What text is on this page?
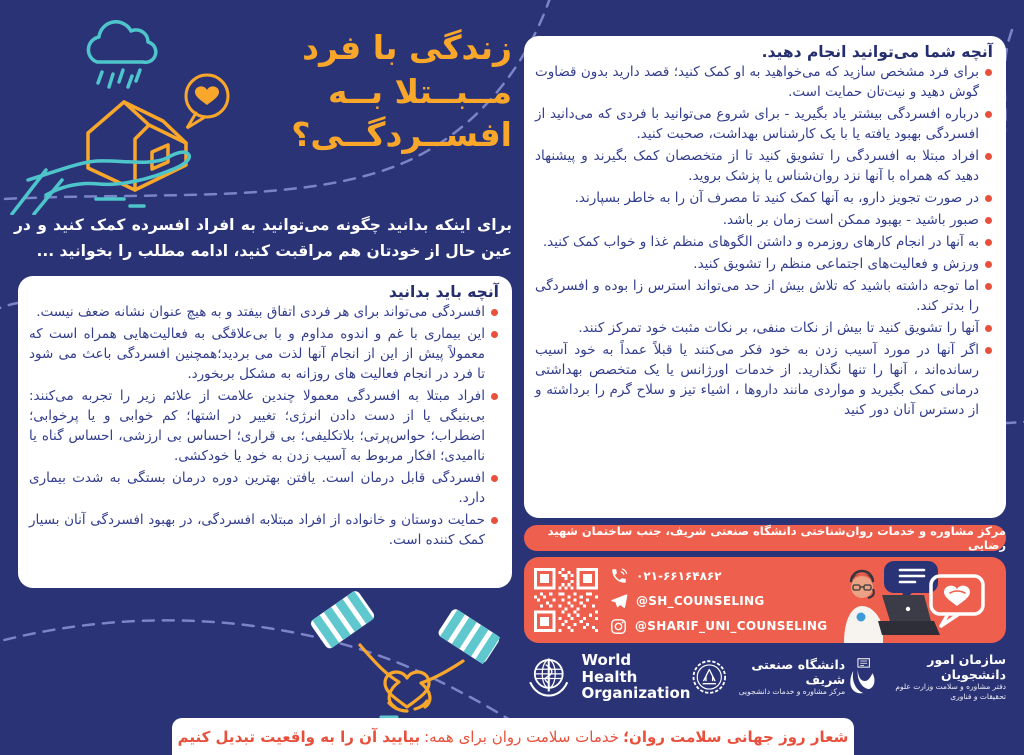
زندگی با فرد
مــبــتلا بــه
افســردگــی؟
برای اینکه بدانید چگونه می‌توانید به افراد افسرده کمک کنید و در عین حال از خودتان هم مراقبت کنید، ادامه مطلب را بخوانید ...
آنچه باید بدانید
افسردگی می‌تواند برای هر فردی اتفاق بیفتد و به هیچ عنوان نشانه ضعف نیست.
این بیماری با غم و اندوه مداوم و با بی‌علاقگی به فعالیت‌هایی همراه است که معمولاً پیش از این از انجام آنها لذت می بردید؛همچنین افسردگی باعث می شود تا فرد در انجام فعالیت های روزانه به مشکل بربخورد.
افراد مبتلا به افسردگی معمولا چندین علامت از علائم زیر را تجربه می‌کنند: بی‌بنیگی یا از دست دادن انرژی؛ تغییر در اشتها؛ کم خوابی و یا پرخوابی؛ اضطراب؛ حواس‌پرتی؛ بلاتکلیفی؛ بی قراری؛ احساس بی ارزشی، احساس گناه یا ناامیدی؛ افکار مربوط به آسیب زدن به خود یا خودکشی.
افسردگی قابل درمان است. یافتن بهترین دوره درمان بستگی به شدت بیماری دارد.
حمایت دوستان و خانواده از افراد مبتلابه افسردگی، در بهبود افسردگی آنان بسیار کمک کننده است.
آنچه شما می‌توانید انجام دهید.
برای فرد مشخص سازید که می‌خواهید به او کمک کنید؛ قصد دارید بدون قضاوت گوش دهید و نیت‌تان حمایت است.
درباره افسردگی بیشتر یاد بگیرید - برای شروع می‌توانید با فردی که می‌دانید از افسردگی بهبود یافته یا با یک کارشناس بهداشت، صحبت کنید.
افراد مبتلا به افسردگی را تشویق کنید تا از متخصصان کمک بگیرند و پیشنهاد دهید که همراه با آنها نزد روان‌شناس یا پزشک بروید.
در صورت تجویز دارو، به آنها کمک کنید تا مصرف آن را به خاطر بسپارند.
صبور باشید - بهبود ممکن است زمان بر باشد.
به آنها در انجام کارهای روزمره و داشتن الگوهای منظم غذا و خواب کمک کنید.
ورزش و فعالیت‌های اجتماعی منظم را تشویق کنید.
اما توجه داشته باشید که تلاش بیش از حد می‌تواند استرس زا بوده و افسردگی را بدتر کند.
آنها را تشویق کنید تا بیش از نکات منفی، بر نکات مثبت خود تمرکز کنند.
اگر آنها در مورد آسیب زدن به خود فکر می‌کنند یا قبلاً عمداً به خود آسیب رسانده‌اند ، آنها را تنها نگذارید. از خدمات اورژانس یا یک متخصص بهداشتی درمانی کمک بگیرید و مواردی مانند داروها ، اشیاء تیز و سلاح گرم را برداشته و از دسترس آنان دور کنید
مرکز مشاوره و خدمات روان‌شناختی دانشگاه صنعتی شریف، جنب ساختمان شهید رضایی
۰۲۱-۶۶۱۶۴۸۶۲
@SH_COUNSELING
@SHARIF_UNI_COUNSELING
World Health
Organization
دانشگاه صنعتی شریف
مرکز مشاوره و خدمات دانشجویی
سازمان امور دانشجویان
دفتر مشاوره و سلامت وزارت علوم
تحقیقات و فناوری
شعار روز جهانی سلامت روان؛
خدمات سلامت روان برای همه:
بیایید آن را به واقعیت تبدیل کنیم
